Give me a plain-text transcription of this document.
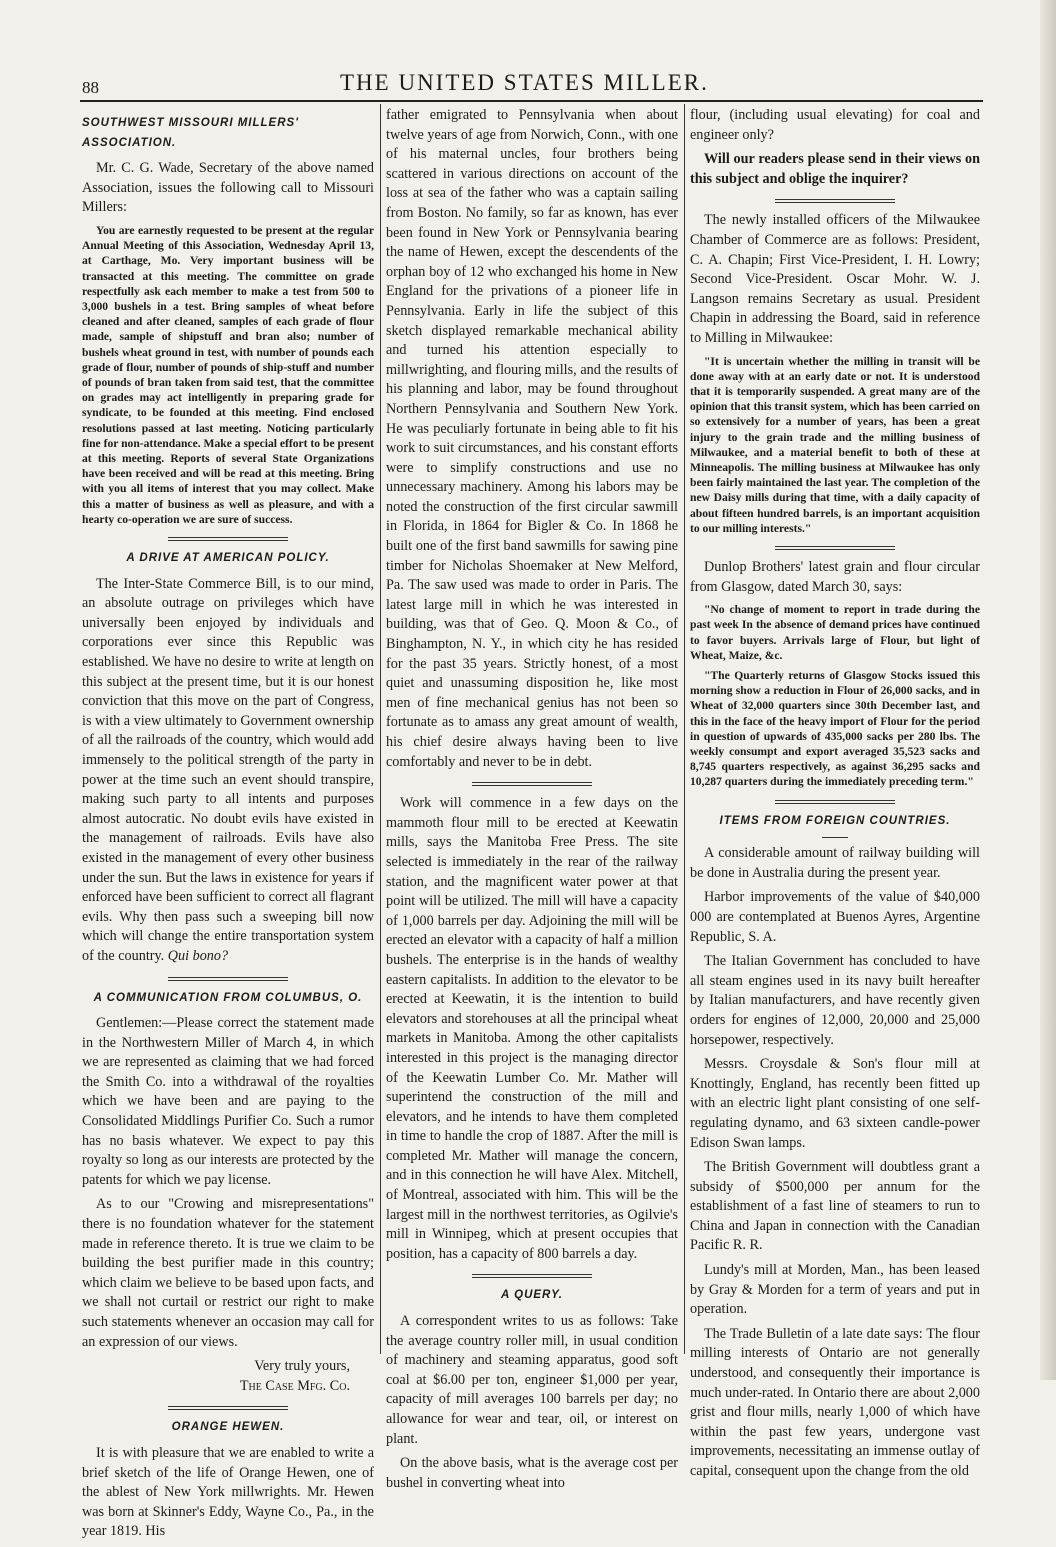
88	THE UNITED STATES MILLER.
SOUTHWEST MISSOURI MILLERS' ASSOCIATION.

Mr. C. G. Wade, Secretary of the above named Association, issues the following call to Missouri Millers:

You are earnestly requested to be present at the regular Annual Meeting of this Association, Wednesday April 13, at Carthage, Mo. Very important business will be transacted at this meeting. The committee on grade respectfully ask each member to make a test from 500 to 3,000 bushels in a test. Bring samples of wheat before cleaned and after cleaned, samples of each grade of flour made, sample of shipstuff and bran also; number of bushels wheat ground in test, with number of pounds each grade of flour, number of pounds of ship-stuff and number of pounds of bran taken from said test, that the committee on grades may act intelligently in preparing grade for syndicate, to be founded at this meeting. Find enclosed resolutions passed at last meeting. Noticing particularly fine for non-attendance. Make a special effort to be present at this meeting. Reports of several State Organizations have been received and will be read at this meeting. Bring with you all items of interest that you may collect. Make this a matter of business as well as pleasure, and with a hearty co-operation we are sure of success.

A DRIVE AT AMERICAN POLICY.

The Inter-State Commerce Bill, is to our mind, an absolute outrage on privileges which have universally been enjoyed by individuals and corporations ever since this Republic was established. We have no desire to write at length on this subject at the present time, but it is our honest conviction that this move on the part of Congress, is with a view ultimately to Government ownership of all the railroads of the country, which would add immensely to the political strength of the party in power at the time such an event should transpire, making such party to all intents and purposes almost autocratic. No doubt evils have existed in the management of railroads. Evils have also existed in the management of every other business under the sun. But the laws in existence for years if enforced have been sufficient to correct all flagrant evils. Why then pass such a sweeping bill now which will change the entire transportation system of the country. Qui bono?

A COMMUNICATION FROM COLUMBUS, O.

Gentlemen:—Please correct the statement made in the Northwestern Miller of March 4, in which we are represented as claiming that we had forced the Smith Co. into a withdrawal of the royalties which we have been and are paying to the Consolidated Middlings Purifier Co. Such a rumor has no basis whatever. We expect to pay this royalty so long as our interests are protected by the patents for which we pay license.

As to our "Crowing and misrepresentations" there is no foundation whatever for the statement made in reference thereto. It is true we claim to be building the best purifier made in this country; which claim we believe to be based upon facts, and we shall not curtail or restrict our right to make such statements whenever an occasion may call for an expression of our views.

Very truly yours,

The Case Mfg. Co.

ORANGE HEWEN.

It is with pleasure that we are enabled to write a brief sketch of the life of Orange Hewen, one of the ablest of New York millwrights. Mr. Hewen was born at Skinner's Eddy, Wayne Co., Pa., in the year 1819. His

father emigrated to Pennsylvania when about twelve years of age from Norwich, Conn., with one of his maternal uncles, four brothers being scattered in various directions on account of the loss at sea of the father who was a captain sailing from Boston. No family, so far as known, has ever been found in New York or Pennsylvania bearing the name of Hewen, except the descendents of the orphan boy of 12 who exchanged his home in New England for the privations of a pioneer life in Pennsylvania. Early in life the subject of this sketch displayed remarkable mechanical ability and turned his attention especially to millwrighting, and flouring mills, and the results of his planning and labor, may be found throughout Northern Pennsylvania and Southern New York. He was peculiarly fortunate in being able to fit his work to suit circumstances, and his constant efforts were to simplify constructions and use no unnecessary machinery. Among his labors may be noted the construction of the first circular sawmill in Florida, in 1864 for Bigler & Co. In 1868 he built one of the first band sawmills for sawing pine timber for Nicholas Shoemaker at New Melford, Pa. The saw used was made to order in Paris. The latest large mill in which he was interested in building, was that of Geo. Q. Moon & Co., of Binghampton, N. Y., in which city he has resided for the past 35 years. Strictly honest, of a most quiet and unassuming disposition he, like most men of fine mechanical genius has not been so fortunate as to amass any great amount of wealth, his chief desire always having been to live comfortably and never to be in debt.

Work will commence in a few days on the mammoth flour mill to be erected at Keewatin mills, says the Manitoba Free Press. The site selected is immediately in the rear of the railway station, and the magnificent water power at that point will be utilized. The mill will have a capacity of 1,000 barrels per day. Adjoining the mill will be erected an elevator with a capacity of half a million bushels. The enterprise is in the hands of wealthy eastern capitalists. In addition to the elevator to be erected at Keewatin, it is the intention to build elevators and storehouses at all the principal wheat markets in Manitoba. Among the other capitalists interested in this project is the managing director of the Keewatin Lumber Co. Mr. Mather will superintend the construction of the mill and elevators, and he intends to have them completed in time to handle the crop of 1887. After the mill is completed Mr. Mather will manage the concern, and in this connection he will have Alex. Mitchell, of Montreal, associated with him. This will be the largest mill in the northwest territories, as Ogilvie's mill in Winnipeg, which at present occupies that position, has a capacity of 800 barrels a day.

A QUERY.

A correspondent writes to us as follows: Take the average country roller mill, in usual condition of machinery and steaming apparatus, good soft coal at $6.00 per ton, engineer $1,000 per year, capacity of mill averages 100 barrels per day; no allowance for wear and tear, oil, or interest on plant.

On the above basis, what is the average cost per bushel in converting wheat into

flour, (including usual elevating) for coal and engineer only?

Will our readers please send in their views on this subject and oblige the inquirer?

The newly installed officers of the Milwaukee Chamber of Commerce are as follows: President, C. A. Chapin; First Vice-President, I. H. Lowry; Second Vice-President. Oscar Mohr. W. J. Langson remains Secretary as usual. President Chapin in addressing the Board, said in reference to Milling in Milwaukee:

"It is uncertain whether the milling in transit will be done away with at an early date or not. It is understood that it is temporarily suspended. A great many are of the opinion that this transit system, which has been carried on so extensively for a number of years, has been a great injury to the grain trade and the milling business of Milwaukee, and a material benefit to both of these at Minneapolis. The milling business at Milwaukee has only been fairly maintained the last year. The completion of the new Daisy mills during that time, with a daily capacity of about fifteen hundred barrels, is an important acquisition to our milling interests."

Dunlop Brothers' latest grain and flour circular from Glasgow, dated March 30, says:

"No change of moment to report in trade during the past week In the absence of demand prices have continued to favor buyers. Arrivals large of Flour, but light of Wheat, Maize, &c.

"The Quarterly returns of Glasgow Stocks issued this morning show a reduction in Flour of 26,000 sacks, and in Wheat of 32,000 quarters since 30th December last, and this in the face of the heavy import of Flour for the period in question of upwards of 435,000 sacks per 280 lbs. The weekly consumpt and export averaged 35,523 sacks and 8,745 quarters respectively, as against 36,295 sacks and 10,287 quarters during the immediately preceding term."

ITEMS FROM FOREIGN COUNTRIES.

A considerable amount of railway building will be done in Australia during the present year.

Harbor improvements of the value of $40,000 000 are contemplated at Buenos Ayres, Argentine Republic, S. A.

The Italian Government has concluded to have all steam engines used in its navy built hereafter by Italian manufacturers, and have recently given orders for engines of 12,000, 20,000 and 25,000 horsepower, respectively.

Messrs. Croysdale & Son's flour mill at Knottingly, England, has recently been fitted up with an electric light plant consisting of one self-regulating dynamo, and 63 sixteen candle-power Edison Swan lamps.

The British Government will doubtless grant a subsidy of $500,000 per annum for the establishment of a fast line of steamers to run to China and Japan in connection with the Canadian Pacific R. R.

Lundy's mill at Morden, Man., has been leased by Gray & Morden for a term of years and put in operation.

The Trade Bulletin of a late date says: The flour milling interests of Ontario are not generally understood, and consequently their importance is much under-rated. In Ontario there are about 2,000 grist and flour mills, nearly 1,000 of which have within the past few years, undergone vast improvements, necessitating an immense outlay of capital, consequent upon the change from the old
